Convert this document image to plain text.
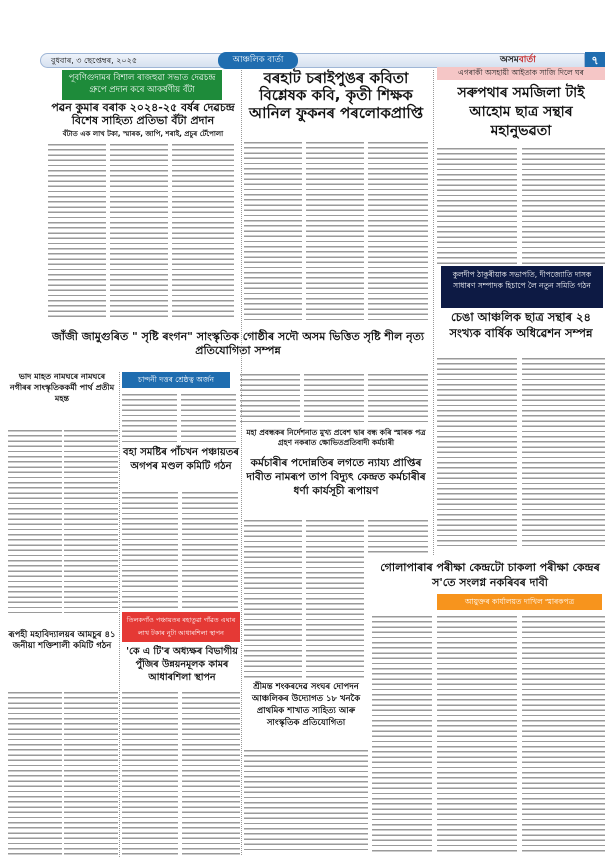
বুধবাৰ, ৩ ছেপ্তেম্বৰ, ২০২৫	আঞ্চলিক বাৰ্তা	অসমবাৰ্তা	৭
পূবণিগুদামৰ বিশাল ৰাজহুৱা সভাত দেৱচন্দ্ৰ গ্ৰুপে প্ৰদান কৰে আকৰ্ষণীয় বঁটা
পৱন কুমাৰ বৰাক ২০২৪-২৫ বৰ্ষৰ দেৱচন্দ্ৰ বিশেষ সাহিত্য প্ৰতিভা বঁটা প্ৰদান
বঁটাত এক লাখ টকা, স্মাৰক, জাপি, শৰাই, প্ৰচুৰ টেঁপোলা
বৰহাট চৰাইপুঙৰ কবিতা বিশ্লেষক কবি, কৃতী শিক্ষক আনিল ফুকনৰ পৰলোকপ্ৰাপ্তি
এগৰাকী অসহায়ী আইতাক সাজি দিলে ঘৰ
সৰুপথাৰ সমজিলা টাই আহোম ছাত্ৰ সন্থাৰ মহানুভৱতা
কুলদীপ ঠাকুৰীয়াক সভাপতি, দীপজ্যোতি দাসক সাধাৰণ সম্পাদক হিচাপে লৈ নতুন সমিতি গঠন
চেঙা আঞ্চলিক ছাত্ৰ সন্থাৰ ২৪ সংখ্যক বাৰ্ষিক অধিৱেশন সম্পন্ন
জাঁজী জামুগুৰিত " সৃষ্টি ৰংগন" সাংস্কৃতিক গোষ্ঠীৰ সদৌ অসম ভিত্তিত সৃষ্টি শীল নৃত্য প্ৰতিযোগিতা সম্পন্ন
চান্দনী দত্তৰ শ্ৰেষ্ঠত্ব অৰ্জন
ভাদ মাহত নামঘৰে নামঘৰে নগীৰৰ সাংস্কৃতিককৰ্মী পাৰ্থ প্ৰতীম মহন্ত
বহা সমষ্টিৰ পাঁচখন পঞ্চায়তৰ অগপৰ মণ্ডল কমিটি গঠন
মহা প্ৰবন্ধকৰ নিৰ্দেশনাত মুখ্য প্ৰবেশ দ্বাৰ বন্ধ কৰি স্মাৰক পত্ৰ গ্ৰহণ নকৰাত ক্ষোভিতপ্ৰতিবাদী কৰ্মচাৰী
কৰ্মচাৰীৰ পদোন্নতিৰ লগতে ন্যায্য প্ৰাপ্তিৰ দাবীত নামৰূপ তাপ বিদ্যুৎ কেন্দ্ৰত কৰ্মচাৰীৰ ধৰ্ণা কাৰ্যসূচী ৰূপায়ণ
গোলাপাৰাৰ পৰীক্ষা কেন্দ্ৰটো চাকলা পৰীক্ষা কেন্দ্ৰৰ স'তে সংলগ্ন নকৰিবৰ দাবী
আয়ুক্তৰ কাৰ্যালয়ত দাখিল স্মাৰকপত্ৰ
তিলকগাঁও পঞ্চায়তৰ ৰহাতুৱা গাঁৱত এঘাৰ লাখ টকাৰ নুটা আধাৰশিলা স্থাপন
'কে এ টি'ৰ অধ্যক্ষৰ বিভাগীয় পুঁজিৰ উন্নয়নমূলক কামৰ আধাৰশিলা স্থাপন
ৰূপহী মহাবিদ্যালয়ৰ আমচুৰ ৪১ জনীয়া শক্তিশালী কমিটি গঠন
শ্ৰীমন্ত শংকৰদেৱ সংঘৰ দোপদন আঞ্চলিকৰ উদ্যোগত ১৮ খনকৈ প্ৰাথমিক শাখাত সাহিত্য আৰু সাংস্কৃতিক প্ৰতিযোগিতা
